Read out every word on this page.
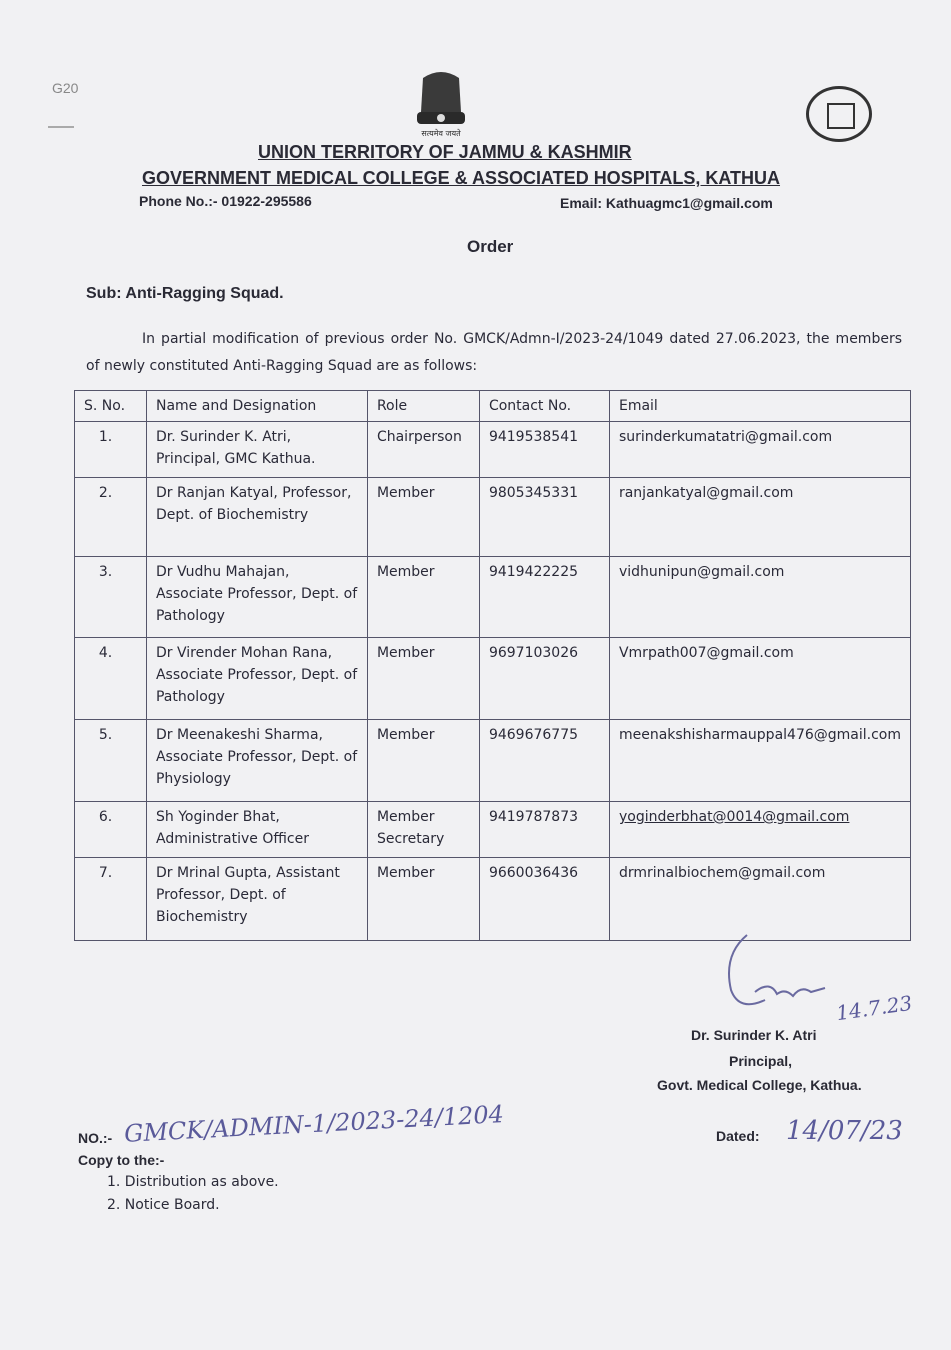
G20
सत्यमेव जयते
UNION TERRITORY OF JAMMU & KASHMIR
GOVERNMENT MEDICAL COLLEGE & ASSOCIATED HOSPITALS, KATHUA
Phone No.:- 01922-295586	Email: Kathuagmc1@gmail.com
Order
Sub: Anti-Ragging Squad.
In partial modification of previous order No. GMCK/Admn-I/2023-24/1049 dated 27.06.2023, the members of newly constituted Anti-Ragging Squad are as follows:
S. No.	Name and Designation	Role	Contact No.	Email
1.	Dr. Surinder K. Atri, Principal, GMC Kathua.	Chairperson	9419538541	surinderkumatatri@gmail.com
2.	Dr Ranjan Katyal, Professor, Dept. of Biochemistry	Member	9805345331	ranjankatyal@gmail.com
3.	Dr Vudhu Mahajan, Associate Professor, Dept. of Pathology	Member	9419422225	vidhunipun@gmail.com
4.	Dr Virender Mohan Rana, Associate Professor, Dept. of Pathology	Member	9697103026	Vmrpath007@gmail.com
5.	Dr Meenakeshi Sharma, Associate Professor, Dept. of Physiology	Member	9469676775	meenakshisharmauppal476@gmail.com
6.	Sh Yoginder Bhat, Administrative Officer	Member Secretary	9419787873	yoginderbhat@0014@gmail.com
7.	Dr Mrinal Gupta, Assistant Professor, Dept. of Biochemistry	Member	9660036436	drmrinalbiochem@gmail.com
14.7.23
Dr. Surinder K. Atri
Principal,
Govt. Medical College, Kathua.
NO.:- GMCK/ADMIN-1/2023-24/1204	Dated: 14/07/23
Copy to the:-
1. Distribution as above.
2. Notice Board.
